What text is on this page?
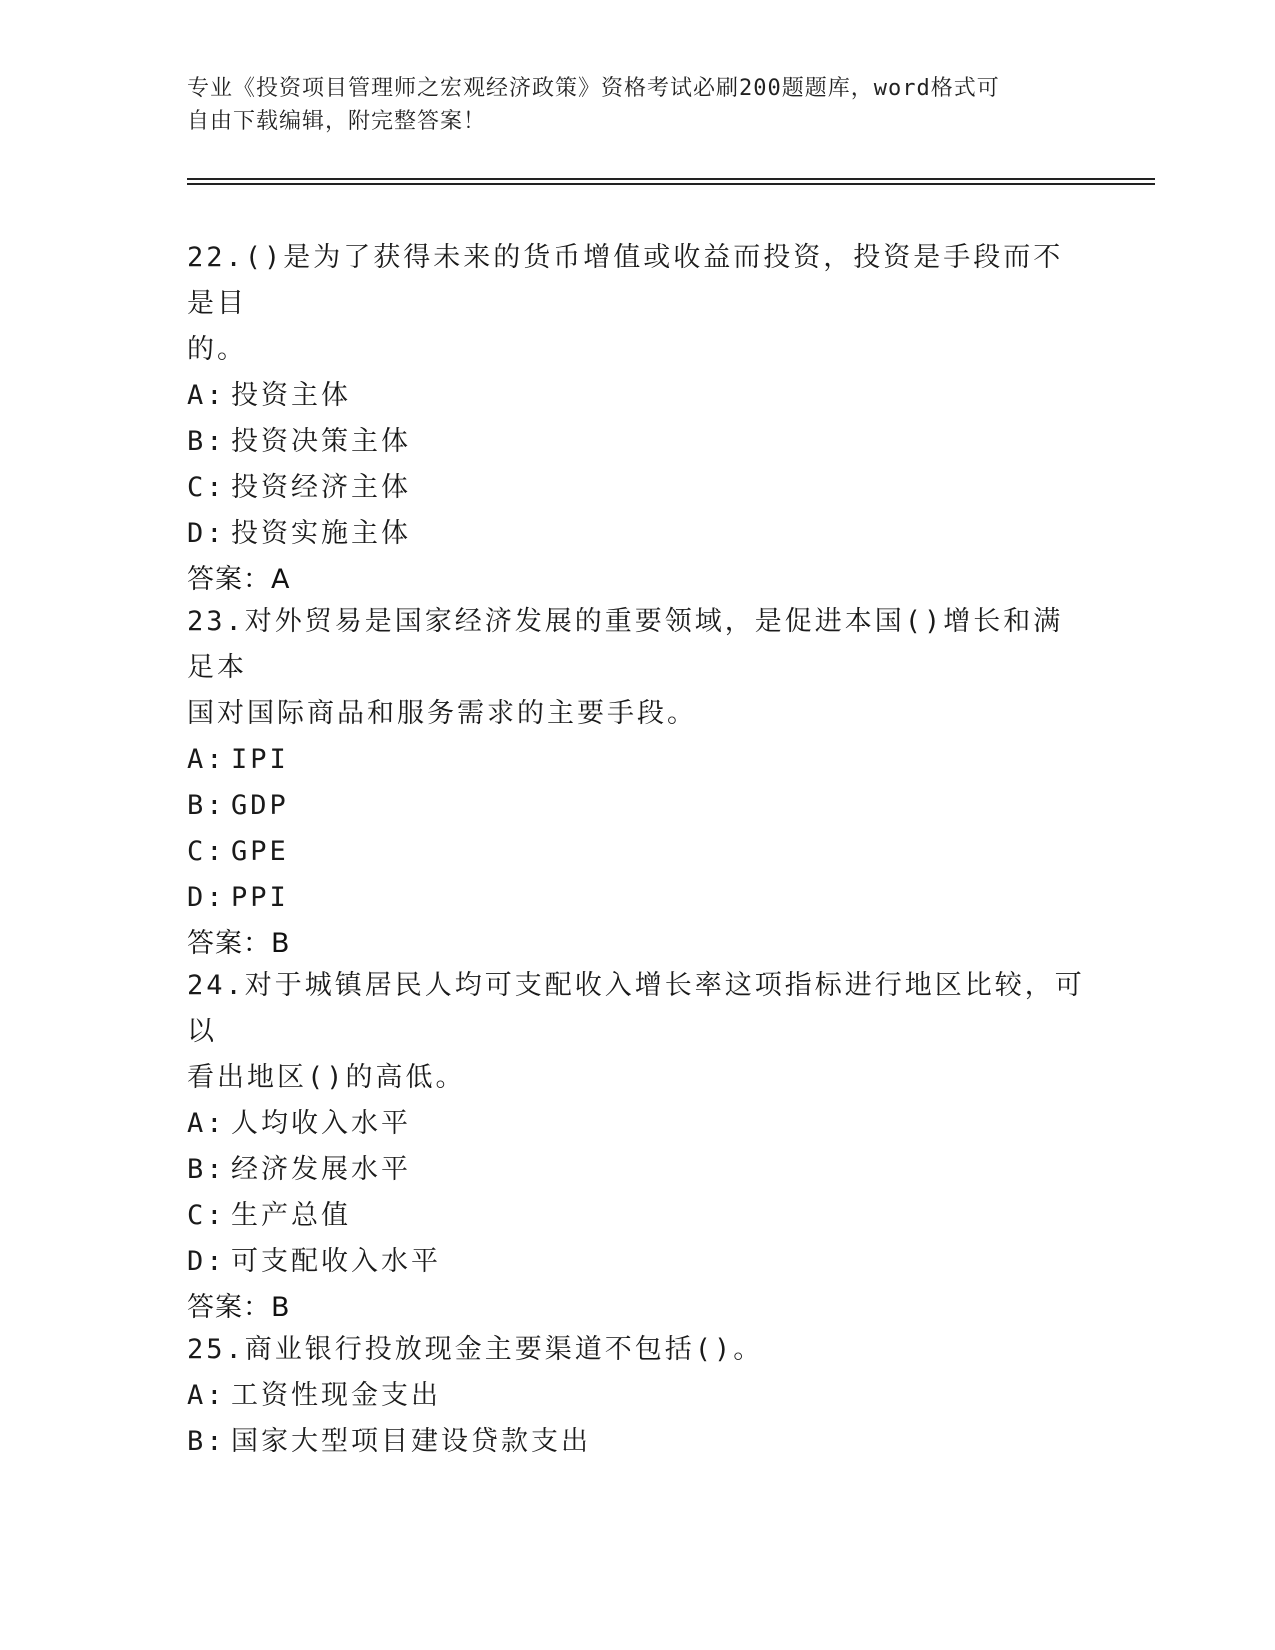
专业《投资项目管理师之宏观经济政策》资格考试必刷200题题库，word格式可
自由下载编辑，附完整答案！

22.()是为了获得未来的货币增值或收益而投资，投资是手段而不是目

的。

A: 投资主体

B: 投资决策主体

C: 投资经济主体

D: 投资实施主体

答案：A

23.对外贸易是国家经济发展的重要领域，是促进本国()增长和满足本

国对国际商品和服务需求的主要手段。

A: IPI

B: GDP

C: GPE

D: PPI

答案：B

24.对于城镇居民人均可支配收入增长率这项指标进行地区比较，可以

看出地区()的高低。

A: 人均收入水平

B: 经济发展水平

C: 生产总值

D: 可支配收入水平

答案：B

25.商业银行投放现金主要渠道不包括()。

A: 工资性现金支出

B: 国家大型项目建设贷款支出
